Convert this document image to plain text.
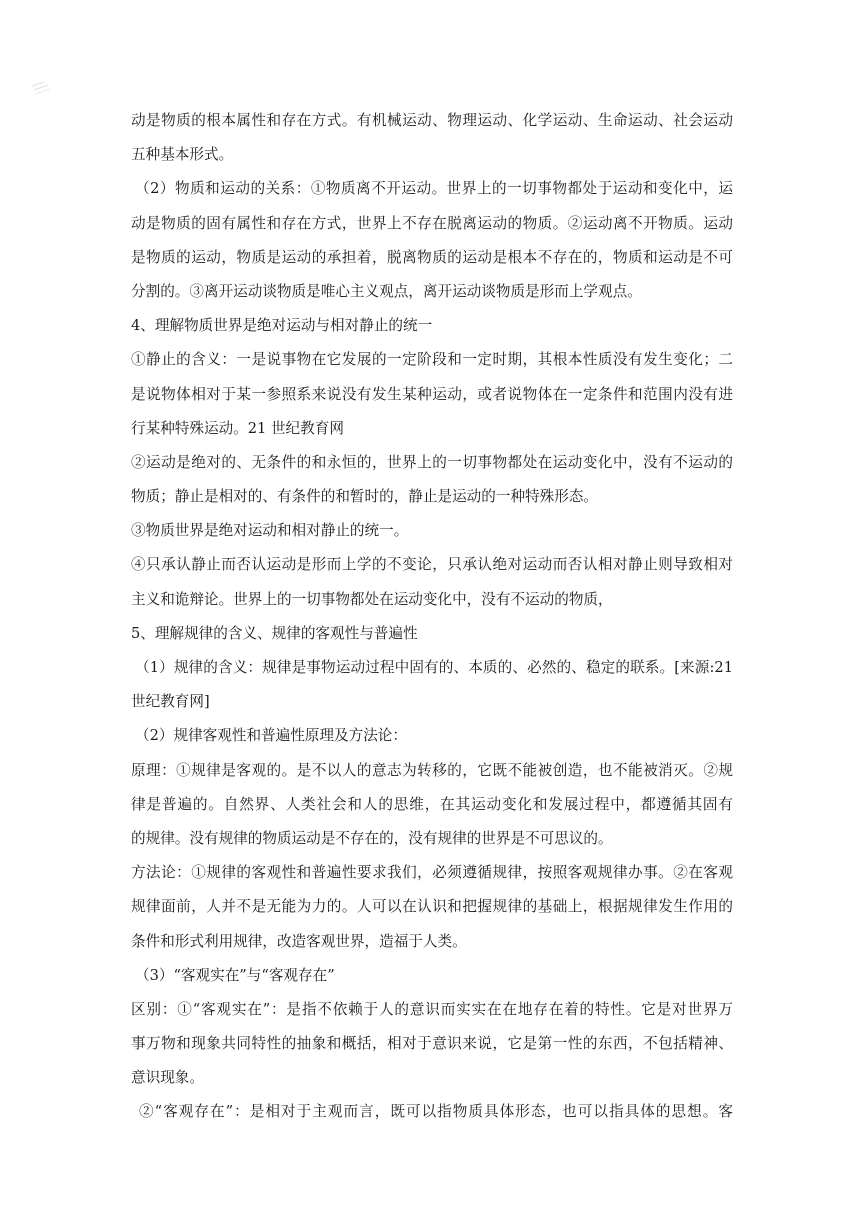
动是物质的根本属性和存在方式。有机械运动、物理运动、化学运动、生命运动、社会运动
五种基本形式。
（2）物质和运动的关系：①物质离不开运动。世界上的一切事物都处于运动和变化中，运
动是物质的固有属性和存在方式，世界上不存在脱离运动的物质。②运动离不开物质。运动
是物质的运动，物质是运动的承担着，脱离物质的运动是根本不存在的，物质和运动是不可
分割的。③离开运动谈物质是唯心主义观点，离开运动谈物质是形而上学观点。
4、理解物质世界是绝对运动与相对静止的统一
①静止的含义：一是说事物在它发展的一定阶段和一定时期，其根本性质没有发生变化；二
是说物体相对于某一参照系来说没有发生某种运动，或者说物体在一定条件和范围内没有进
行某种特殊运动。21 世纪教育网
②运动是绝对的、无条件的和永恒的，世界上的一切事物都处在运动变化中，没有不运动的
物质；静止是相对的、有条件的和暂时的，静止是运动的一种特殊形态。
③物质世界是绝对运动和相对静止的统一。
④只承认静止而否认运动是形而上学的不变论，只承认绝对运动而否认相对静止则导致相对
主义和诡辩论。世界上的一切事物都处在运动变化中，没有不运动的物质，
5、理解规律的含义、规律的客观性与普遍性
（1）规律的含义：规律是事物运动过程中固有的、本质的、必然的、稳定的联系。[来源:21
世纪教育网]
（2）规律客观性和普遍性原理及方法论：
原理：①规律是客观的。是不以人的意志为转移的，它既不能被创造，也不能被消灭。②规
律是普遍的。自然界、人类社会和人的思维，在其运动变化和发展过程中，都遵循其固有
的规律。没有规律的物质运动是不存在的，没有规律的世界是不可思议的。
方法论：①规律的客观性和普遍性要求我们，必须遵循规律，按照客观规律办事。②在客观
规律面前，人并不是无能为力的。人可以在认识和把握规律的基础上，根据规律发生作用的
条件和形式利用规律，改造客观世界，造福于人类。
（3）“客观实在”与“客观存在”
区别：①“客观实在”：是指不依赖于人的意识而实实在在地存在着的特性。它是对世界万
事万物和现象共同特性的抽象和概括，相对于意识来说，它是第一性的东西，不包括精神、
意识现象。
②“客观存在”：是相对于主观而言，既可以指物质具体形态，也可以指具体的思想。客
